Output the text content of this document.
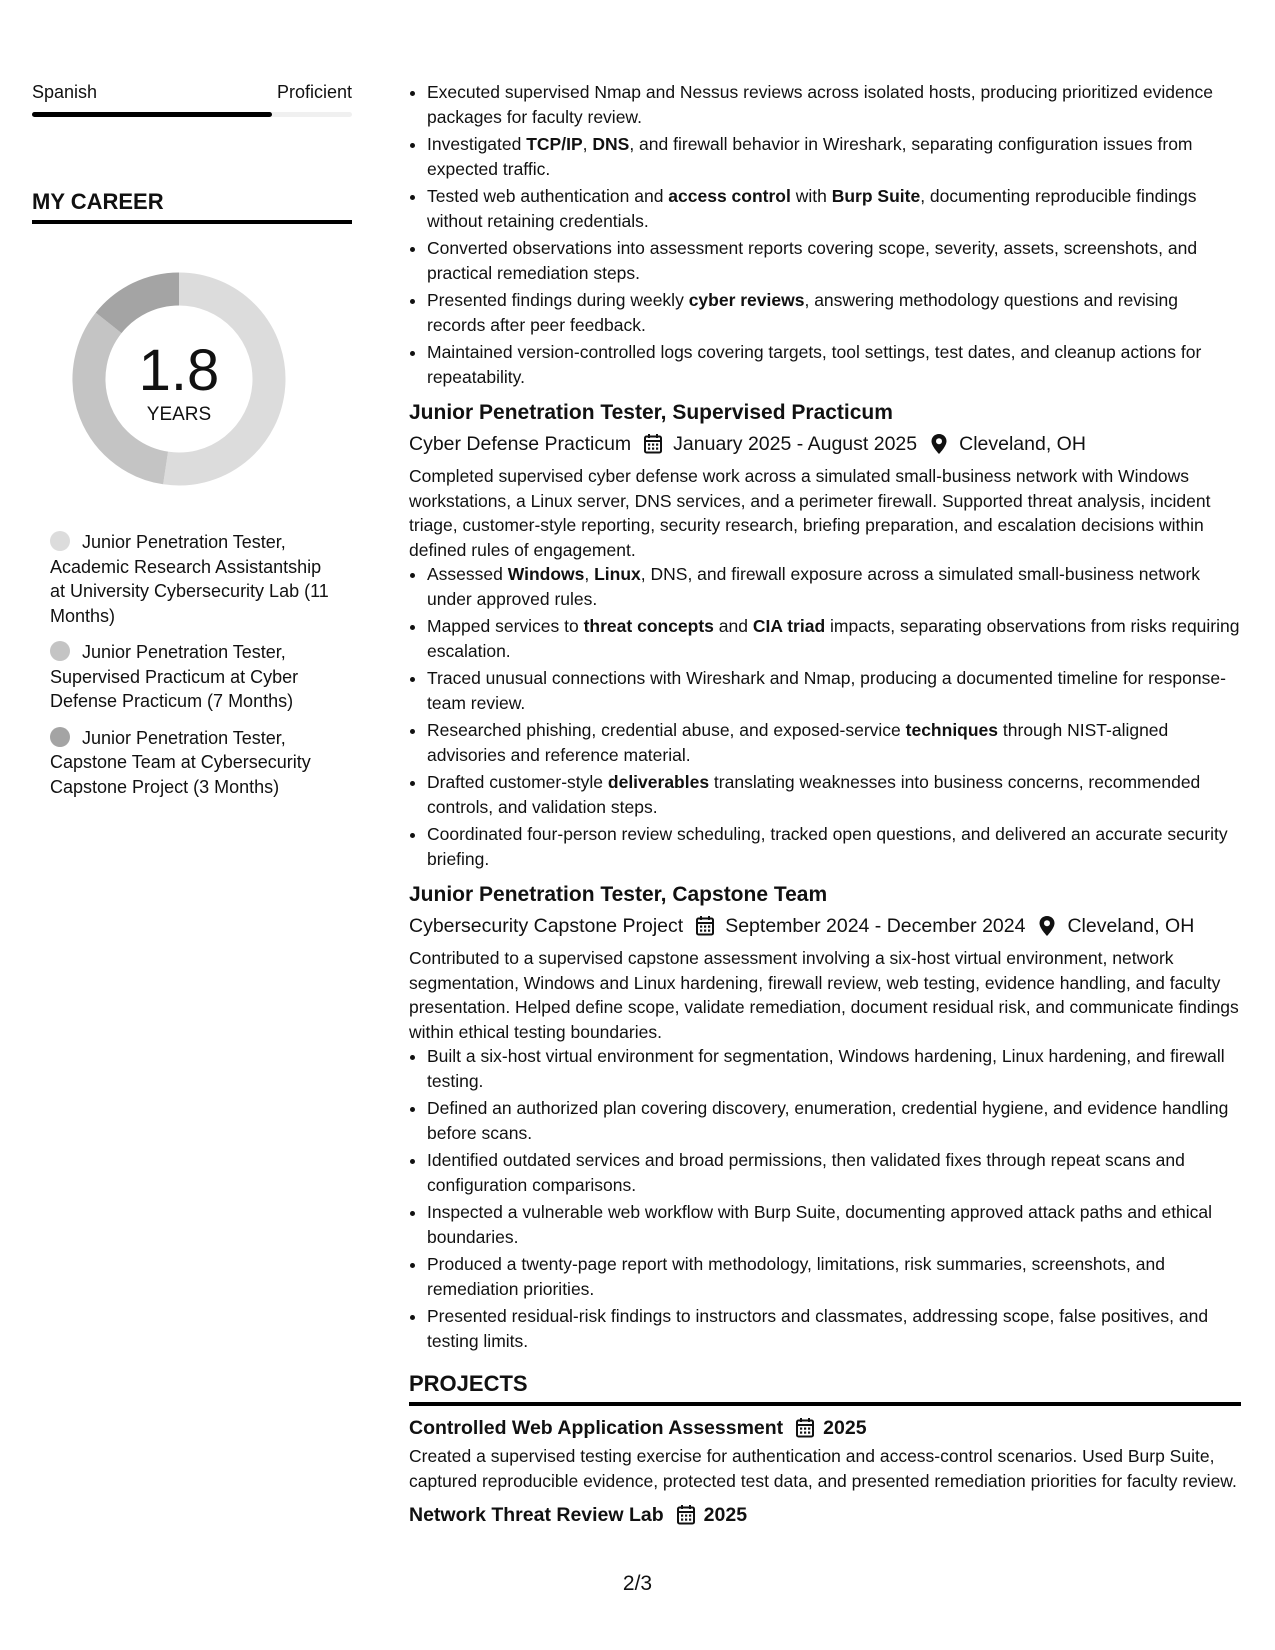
Spanish	Proficient
MY CAREER
1.8
YEARS
Junior Penetration Tester, Academic Research Assistantship at University Cybersecurity Lab (11 Months)
Junior Penetration Tester, Supervised Practicum at Cyber Defense Practicum (7 Months)
Junior Penetration Tester, Capstone Team at Cybersecurity Capstone Project (3 Months)
• Executed supervised Nmap and Nessus reviews across isolated hosts, producing prioritized evidence packages for faculty review.
• Investigated TCP/IP, DNS, and firewall behavior in Wireshark, separating configuration issues from expected traffic.
• Tested web authentication and access control with Burp Suite, documenting reproducible findings without retaining credentials.
• Converted observations into assessment reports covering scope, severity, assets, screenshots, and practical remediation steps.
• Presented findings during weekly cyber reviews, answering methodology questions and revising records after peer feedback.
• Maintained version-controlled logs covering targets, tool settings, test dates, and cleanup actions for repeatability.
Junior Penetration Tester, Supervised Practicum
Cyber Defense Practicum January 2025 - August 2025 Cleveland, OH
Completed supervised cyber defense work across a simulated small-business network with Windows workstations, a Linux server, DNS services, and a perimeter firewall. Supported threat analysis, incident triage, customer-style reporting, security research, briefing preparation, and escalation decisions within defined rules of engagement.
• Assessed Windows, Linux, DNS, and firewall exposure across a simulated small-business network under approved rules.
• Mapped services to threat concepts and CIA triad impacts, separating observations from risks requiring escalation.
• Traced unusual connections with Wireshark and Nmap, producing a documented timeline for response-team review.
• Researched phishing, credential abuse, and exposed-service techniques through NIST-aligned advisories and reference material.
• Drafted customer-style deliverables translating weaknesses into business concerns, recommended controls, and validation steps.
• Coordinated four-person review scheduling, tracked open questions, and delivered an accurate security briefing.
Junior Penetration Tester, Capstone Team
Cybersecurity Capstone Project September 2024 - December 2024 Cleveland, OH
Contributed to a supervised capstone assessment involving a six-host virtual environment, network segmentation, Windows and Linux hardening, firewall review, web testing, evidence handling, and faculty presentation. Helped define scope, validate remediation, document residual risk, and communicate findings within ethical testing boundaries.
• Built a six-host virtual environment for segmentation, Windows hardening, Linux hardening, and firewall testing.
• Defined an authorized plan covering discovery, enumeration, credential hygiene, and evidence handling before scans.
• Identified outdated services and broad permissions, then validated fixes through repeat scans and configuration comparisons.
• Inspected a vulnerable web workflow with Burp Suite, documenting approved attack paths and ethical boundaries.
• Produced a twenty-page report with methodology, limitations, risk summaries, screenshots, and remediation priorities.
• Presented residual-risk findings to instructors and classmates, addressing scope, false positives, and testing limits.
PROJECTS
Controlled Web Application Assessment 2025
Created a supervised testing exercise for authentication and access-control scenarios. Used Burp Suite, captured reproducible evidence, protected test data, and presented remediation priorities for faculty review.
Network Threat Review Lab 2025
2/3
